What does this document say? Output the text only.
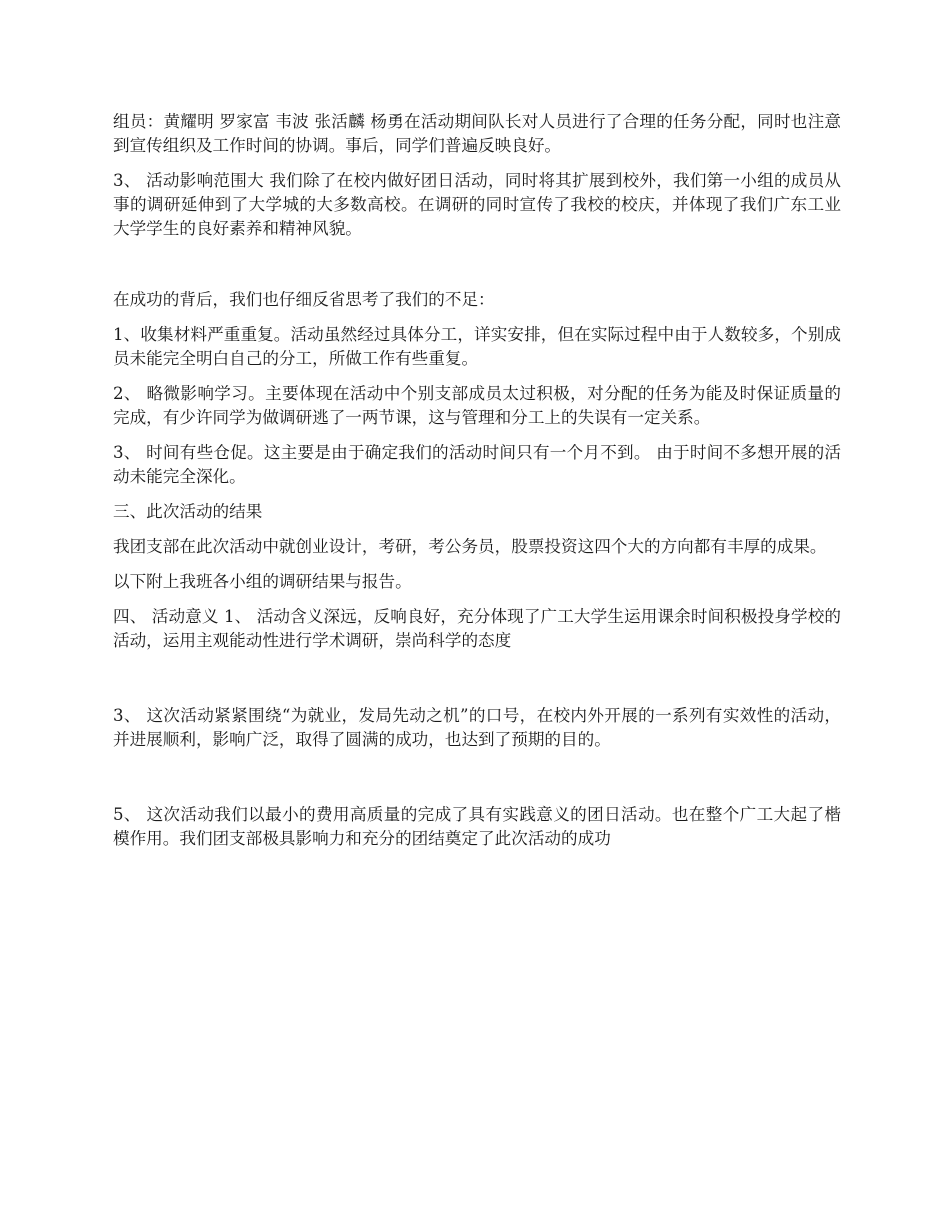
组员：黄耀明 罗家富 韦波 张活麟 杨勇在活动期间队长对人员进行了合理的任务分配，同时也注意到宣传组织及工作时间的协调。事后，同学们普遍反映良好。

3、 活动影响范围大 我们除了在校内做好团日活动，同时将其扩展到校外，我们第一小组的成员从事的调研延伸到了大学城的大多数高校。在调研的同时宣传了我校的校庆，并体现了我们广东工业大学学生的良好素养和精神风貌。

在成功的背后，我们也仔细反省思考了我们的不足：

1、收集材料严重重复。活动虽然经过具体分工，详实安排，但在实际过程中由于人数较多，个别成员未能完全明白自己的分工，所做工作有些重复。

2、 略微影响学习。主要体现在活动中个别支部成员太过积极，对分配的任务为能及时保证质量的完成，有少许同学为做调研逃了一两节课，这与管理和分工上的失误有一定关系。

3、 时间有些仓促。这主要是由于确定我们的活动时间只有一个月不到。 由于时间不多想开展的活动未能完全深化。

三、此次活动的结果

我团支部在此次活动中就创业设计，考研，考公务员，股票投资这四个大的方向都有丰厚的成果。

以下附上我班各小组的调研结果与报告。

四、 活动意义 1、 活动含义深远，反响良好，充分体现了广工大学生运用课余时间积极投身学校的活动，运用主观能动性进行学术调研，崇尚科学的态度

3、 这次活动紧紧围绕“为就业，发局先动之机”的口号，在校内外开展的一系列有实效性的活动，并进展顺利，影响广泛，取得了圆满的成功，也达到了预期的目的。

5、 这次活动我们以最小的费用高质量的完成了具有实践意义的团日活动。也在整个广工大起了楷模作用。我们团支部极具影响力和充分的团结奠定了此次活动的成功
